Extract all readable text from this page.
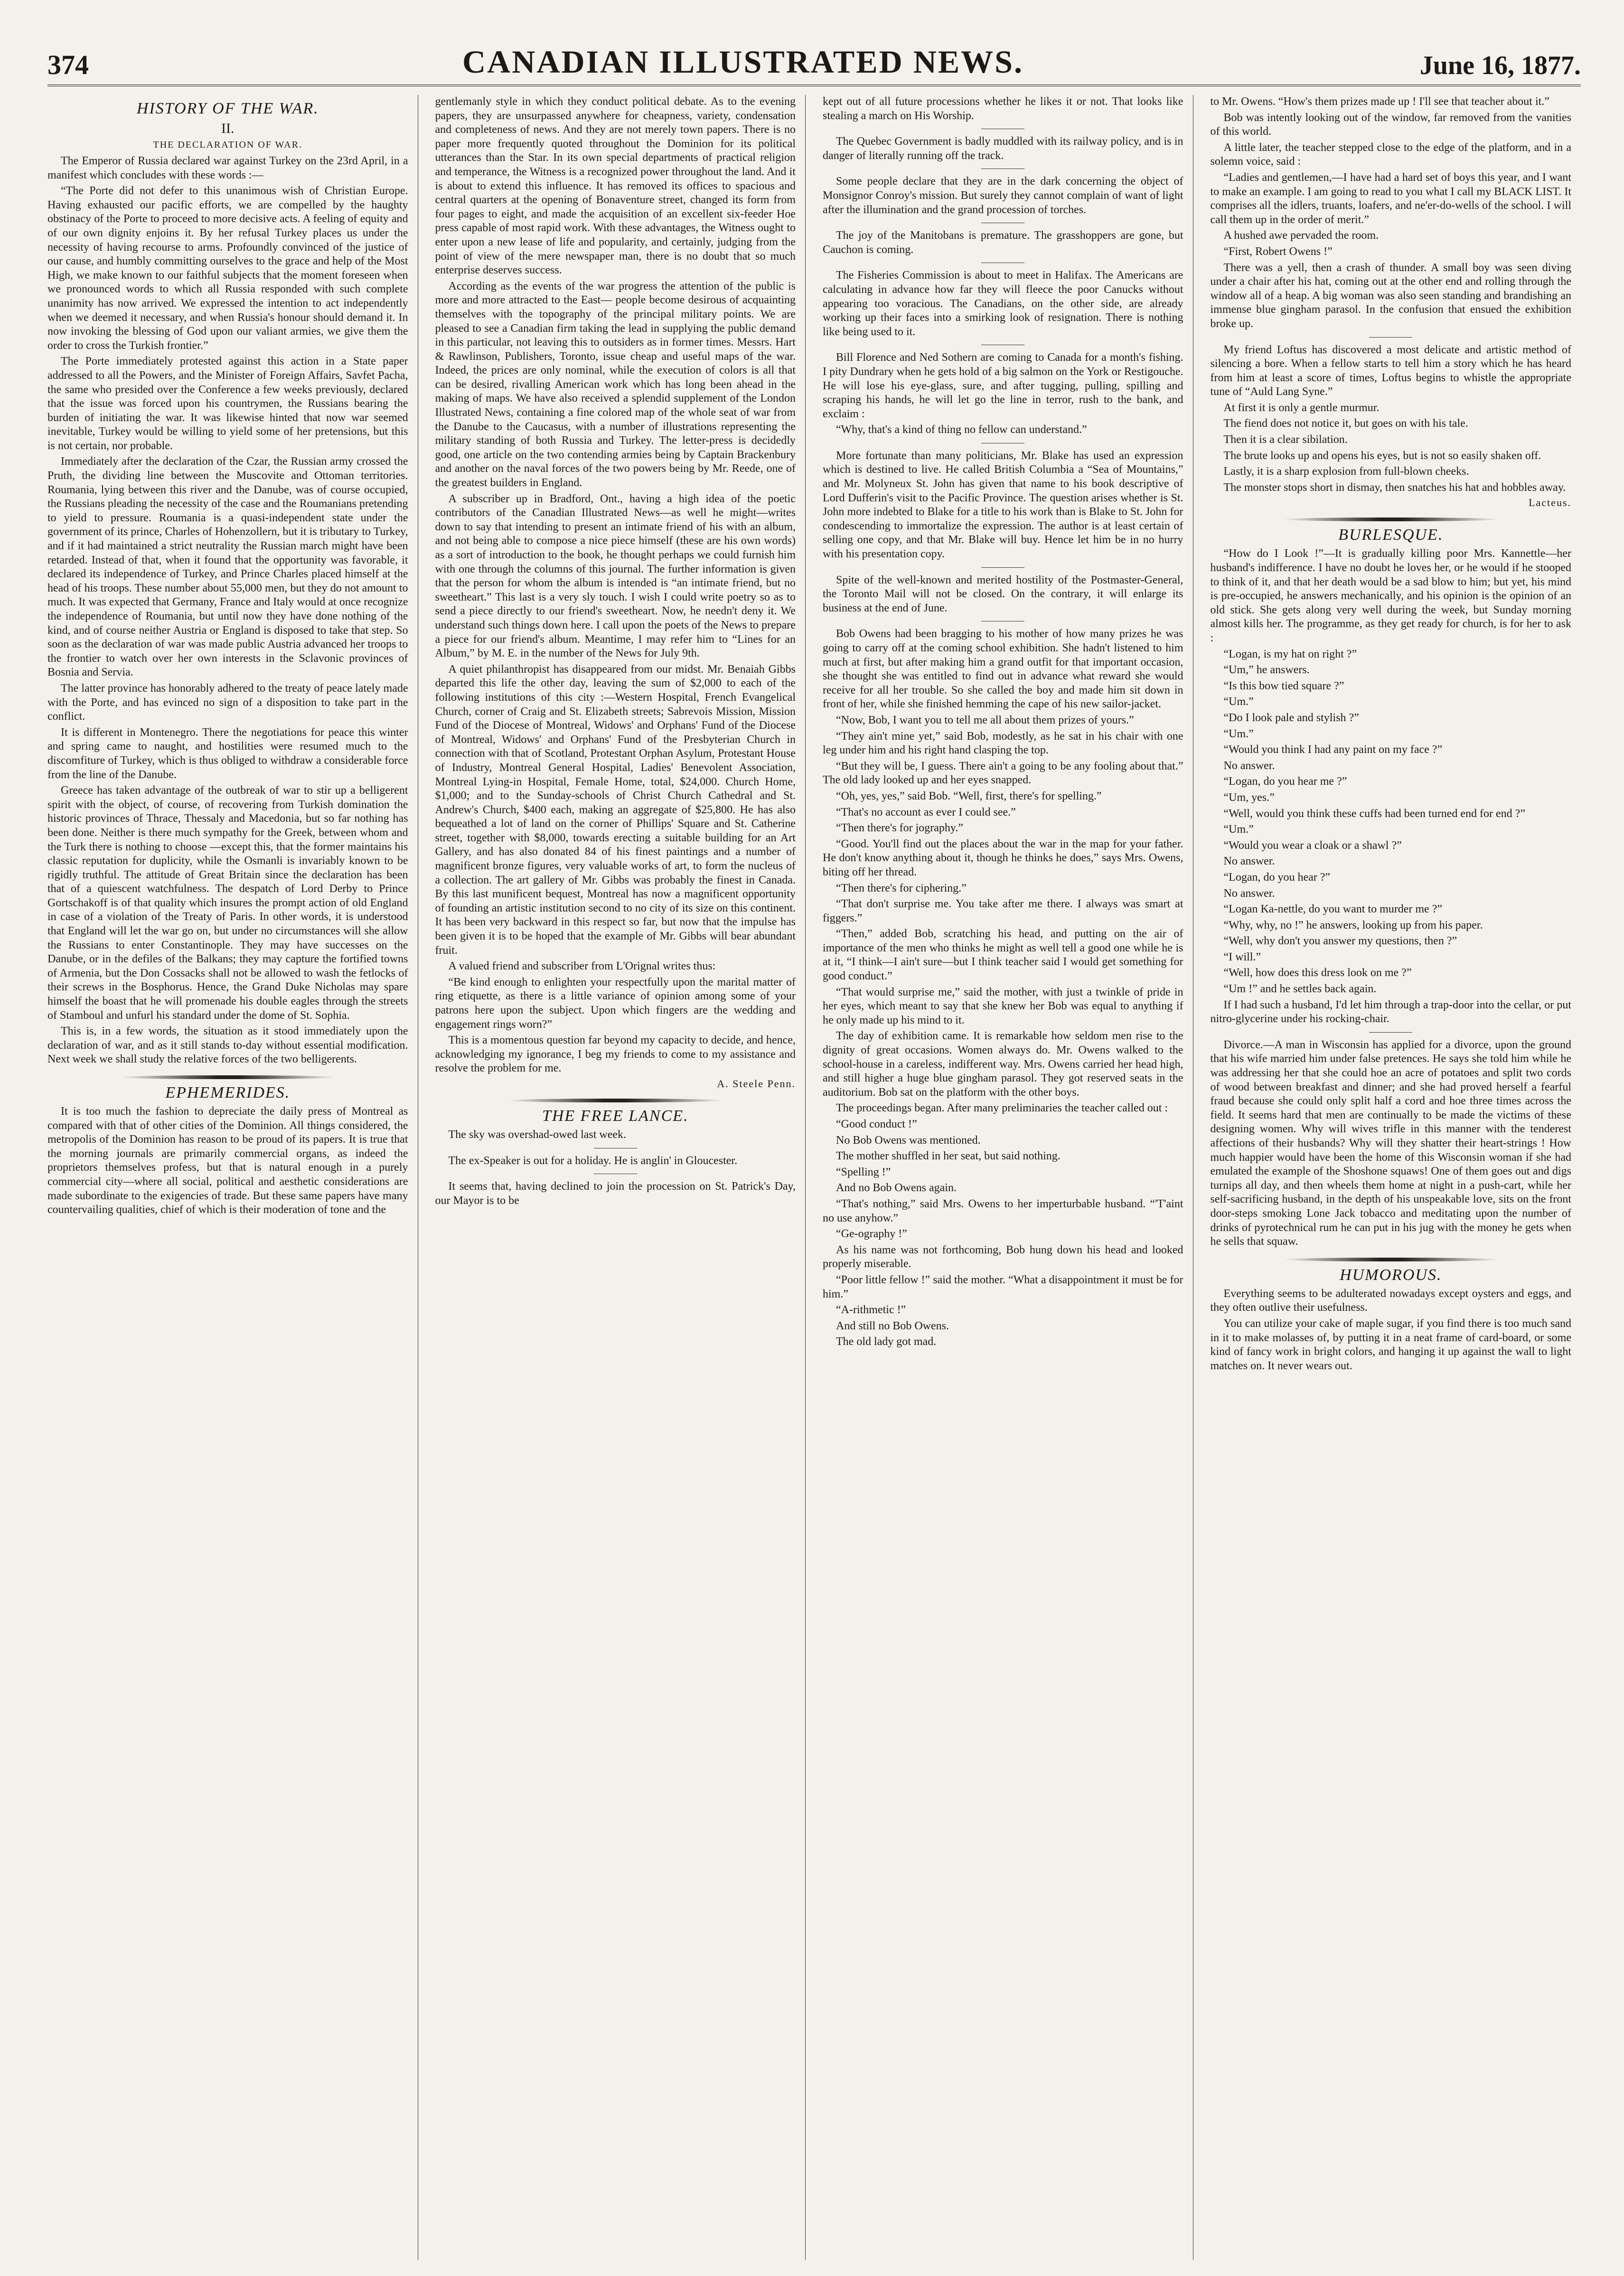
374	CANADIAN ILLUSTRATED NEWS.	June 16, 1877.
HISTORY OF THE WAR.
II.
THE DECLARATION OF WAR.

The Emperor of Russia declared war against Turkey on the 23rd April, in a manifest which concludes with these words :—

“The Porte did not defer to this unanimous wish of Christian Europe. Having exhausted our pacific efforts, we are compelled by the haughty obstinacy of the Porte to proceed to more decisive acts. A feeling of equity and of our own dignity enjoins it. By her refusal Turkey places us under the necessity of having recourse to arms. Profoundly convinced of the justice of our cause, and humbly committing ourselves to the grace and help of the Most High, we make known to our faithful subjects that the moment foreseen when we pronounced words to which all Russia responded with such complete unanimity has now arrived. We expressed the intention to act independently when we deemed it necessary, and when Russia's honour should demand it. In now invoking the blessing of God upon our valiant armies, we give them the order to cross the Turkish frontier.”

The Porte immediately protested against this action in a State paper addressed to all the Powers, and the Minister of Foreign Affairs, Savfet Pacha, the same who presided over the Conference a few weeks previously, declared that the issue was forced upon his countrymen, the Russians bearing the burden of initiating the war. It was likewise hinted that now war seemed inevitable, Turkey would be willing to yield some of her pretensions, but this is not certain, nor probable.

Immediately after the declaration of the Czar, the Russian army crossed the Pruth, the dividing line between the Muscovite and Ottoman territories. Roumania, lying between this river and the Danube, was of course occupied, the Russians pleading the necessity of the case and the Roumanians pretending to yield to pressure. Roumania is a quasi-independent state under the government of its prince, Charles of Hohenzollern, but it is tributary to Turkey, and if it had maintained a strict neutrality the Russian march might have been retarded. Instead of that, when it found that the opportunity was favorable, it declared its independence of Turkey, and Prince Charles placed himself at the head of his troops. These number about 55,000 men, but they do not amount to much. It was expected that Germany, France and Italy would at once recognize the independence of Roumania, but until now they have done nothing of the kind, and of course neither Austria or England is disposed to take that step. So soon as the declaration of war was made public Austria advanced her troops to the frontier to watch over her own interests in the Sclavonic provinces of Bosnia and Servia.

The latter province has honorably adhered to the treaty of peace lately made with the Porte, and has evinced no sign of a disposition to take part in the conflict.

It is different in Montenegro. There the negotiations for peace this winter and spring came to naught, and hostilities were resumed much to the discomfiture of Turkey, which is thus obliged to withdraw a considerable force from the line of the Danube.

Greece has taken advantage of the outbreak of war to stir up a belligerent spirit with the object, of course, of recovering from Turkish domination the historic provinces of Thrace, Thessaly and Macedonia, but so far nothing has been done. Neither is there much sympathy for the Greek, between whom and the Turk there is nothing to choose —except this, that the former maintains his classic reputation for duplicity, while the Osmanli is invariably known to be rigidly truthful. The attitude of Great Britain since the declaration has been that of a quiescent watchfulness. The despatch of Lord Derby to Prince Gortschakoff is of that quality which insures the prompt action of old England in case of a violation of the Treaty of Paris. In other words, it is understood that England will let the war go on, but under no circumstances will she allow the Russians to enter Constantinople. They may have successes on the Danube, or in the defiles of the Balkans; they may capture the fortified towns of Armenia, but the Don Cossacks shall not be allowed to wash the fetlocks of their screws in the Bosphorus. Hence, the Grand Duke Nicholas may spare himself the boast that he will promenade his double eagles through the streets of Stamboul and unfurl his standard under the dome of St. Sophia.

This is, in a few words, the situation as it stood immediately upon the declaration of war, and as it still stands to-day without essential modification. Next week we shall study the relative forces of the two belligerents.

EPHEMERIDES.

It is too much the fashion to depreciate the daily press of Montreal as compared with that of other cities of the Dominion. All things considered, the metropolis of the Dominion has reason to be proud of its papers. It is true that the morning journals are primarily commercial organs, as indeed the proprietors themselves profess, but that is natural enough in a purely commercial city—where all social, political and aesthetic considerations are made subordinate to the exigencies of trade. But these same papers have many countervailing qualities, chief of which is their moderation of tone and the

gentlemanly style in which they conduct political debate. As to the evening papers, they are unsurpassed anywhere for cheapness, variety, condensation and completeness of news. And they are not merely town papers. There is no paper more frequently quoted throughout the Dominion for its political utterances than the Star. In its own special departments of practical religion and temperance, the Witness is a recognized power throughout the land. And it is about to extend this influence. It has removed its offices to spacious and central quarters at the opening of Bonaventure street, changed its form from four pages to eight, and made the acquisition of an excellent six-feeder Hoe press capable of most rapid work. With these advantages, the Witness ought to enter upon a new lease of life and popularity, and certainly, judging from the point of view of the mere newspaper man, there is no doubt that so much enterprise deserves success.

According as the events of the war progress the attention of the public is more and more attracted to the East— people become desirous of acquainting themselves with the topography of the principal military points. We are pleased to see a Canadian firm taking the lead in supplying the public demand in this particular, not leaving this to outsiders as in former times. Messrs. Hart & Rawlinson, Publishers, Toronto, issue cheap and useful maps of the war. Indeed, the prices are only nominal, while the execution of colors is all that can be desired, rivalling American work which has long been ahead in the making of maps. We have also received a splendid supplement of the London Illustrated News, containing a fine colored map of the whole seat of war from the Danube to the Caucasus, with a number of illustrations representing the military standing of both Russia and Turkey. The letter-press is decidedly good, one article on the two contending armies being by Captain Brackenbury and another on the naval forces of the two powers being by Mr. Reede, one of the greatest builders in England.

A subscriber up in Bradford, Ont., having a high idea of the poetic contributors of the Canadian Illustrated News—as well he might—writes down to say that intending to present an intimate friend of his with an album, and not being able to compose a nice piece himself (these are his own words) as a sort of introduction to the book, he thought perhaps we could furnish him with one through the columns of this journal. The further information is given that the person for whom the album is intended is “an intimate friend, but no sweetheart.” This last is a very sly touch. I wish I could write poetry so as to send a piece directly to our friend's sweetheart. Now, he needn't deny it. We understand such things down here. I call upon the poets of the News to prepare a piece for our friend's album. Meantime, I may refer him to “Lines for an Album,” by M. E. in the number of the News for July 9th.

A quiet philanthropist has disappeared from our midst. Mr. Benaiah Gibbs departed this life the other day, leaving the sum of $2,000 to each of the following institutions of this city :—Western Hospital, French Evangelical Church, corner of Craig and St. Elizabeth streets; Sabrevois Mission, Mission Fund of the Diocese of Montreal, Widows' and Orphans' Fund of the Diocese of Montreal, Widows' and Orphans' Fund of the Presbyterian Church in connection with that of Scotland, Protestant Orphan Asylum, Protestant House of Industry, Montreal General Hospital, Ladies' Benevolent Association, Montreal Lying-in Hospital, Female Home, total, $24,000. Church Home, $1,000; and to the Sunday-schools of Christ Church Cathedral and St. Andrew's Church, $400 each, making an aggregate of $25,800. He has also bequeathed a lot of land on the corner of Phillips' Square and St. Catherine street, together with $8,000, towards erecting a suitable building for an Art Gallery, and has also donated 84 of his finest paintings and a number of magnificent bronze figures, very valuable works of art, to form the nucleus of a collection. The art gallery of Mr. Gibbs was probably the finest in Canada. By this last munificent bequest, Montreal has now a magnificent opportunity of founding an artistic institution second to no city of its size on this continent. It has been very backward in this respect so far, but now that the impulse has been given it is to be hoped that the example of Mr. Gibbs will bear abundant fruit.

A valued friend and subscriber from L'Orignal writes thus:

“Be kind enough to enlighten your respectfully upon the marital matter of ring etiquette, as there is a little variance of opinion among some of your patrons here upon the subject. Upon which fingers are the wedding and engagement rings worn?”

This is a momentous question far beyond my capacity to decide, and hence, acknowledging my ignorance, I beg my friends to come to my assistance and resolve the problem for me.

A. Steele Penn.
THE FREE LANCE.

The sky was overshad-owed last week.

The ex-Speaker is out for a holiday. He is anglin' in Gloucester.

It seems that, having declined to join the procession on St. Patrick's Day, our Mayor is to be

kept out of all future processions whether he likes it or not. That looks like stealing a march on His Worship.

The Quebec Government is badly muddled with its railway policy, and is in danger of literally running off the track.

Some people declare that they are in the dark concerning the object of Monsignor Conroy's mission. But surely they cannot complain of want of light after the illumination and the grand procession of torches.

The joy of the Manitobans is premature. The grasshoppers are gone, but Cauchon is coming.

The Fisheries Commission is about to meet in Halifax. The Americans are calculating in advance how far they will fleece the poor Canucks without appearing too voracious. The Canadians, on the other side, are already working up their faces into a smirking look of resignation. There is nothing like being used to it.

Bill Florence and Ned Sothern are coming to Canada for a month's fishing. I pity Dundrary when he gets hold of a big salmon on the York or Restigouche. He will lose his eye-glass, sure, and after tugging, pulling, spilling and scraping his hands, he will let go the line in terror, rush to the bank, and exclaim :

“Why, that's a kind of thing no fellow can understand.”

More fortunate than many politicians, Mr. Blake has used an expression which is destined to live. He called British Columbia a “Sea of Mountains,” and Mr. Molyneux St. John has given that name to his book descriptive of Lord Dufferin's visit to the Pacific Province. The question arises whether is St. John more indebted to Blake for a title to his work than is Blake to St. John for condescending to immortalize the expression. The author is at least certain of selling one copy, and that Mr. Blake will buy. Hence let him be in no hurry with his presentation copy.

Spite of the well-known and merited hostility of the Postmaster-General, the Toronto Mail will not be closed. On the contrary, it will enlarge its business at the end of June.

Bob Owens had been bragging to his mother of how many prizes he was going to carry off at the coming school exhibition. She hadn't listened to him much at first, but after making him a grand outfit for that important occasion, she thought she was entitled to find out in advance what reward she would receive for all her trouble. So she called the boy and made him sit down in front of her, while she finished hemming the cape of his new sailor-jacket.

“Now, Bob, I want you to tell me all about them prizes of yours.”

“They ain't mine yet,” said Bob, modestly, as he sat in his chair with one leg under him and his right hand clasping the top.

“But they will be, I guess. There ain't a going to be any fooling about that.” The old lady looked up and her eyes snapped.

“Oh, yes, yes,” said Bob. “Well, first, there's for spelling.”

“That's no account as ever I could see.”

“Then there's for jography.”

“Good. You'll find out the places about the war in the map for your father. He don't know anything about it, though he thinks he does,” says Mrs. Owens, biting off her thread.

“Then there's for ciphering.”

“That don't surprise me. You take after me there. I always was smart at figgers.”

“Then,” added Bob, scratching his head, and putting on the air of importance of the men who thinks he might as well tell a good one while he is at it, “I think—I ain't sure—but I think teacher said I would get something for good conduct.”

“That would surprise me,” said the mother, with just a twinkle of pride in her eyes, which meant to say that she knew her Bob was equal to anything if he only made up his mind to it.

The day of exhibition came. It is remarkable how seldom men rise to the dignity of great occasions. Women always do. Mr. Owens walked to the school-house in a careless, indifferent way. Mrs. Owens carried her head high, and still higher a huge blue gingham parasol. They got reserved seats in the auditorium. Bob sat on the platform with the other boys.

The proceedings began. After many preliminaries the teacher called out :

“Good conduct !”

No Bob Owens was mentioned.

The mother shuffled in her seat, but said nothing.

“Spelling !”

And no Bob Owens again.

“That's nothing,” said Mrs. Owens to her imperturbable husband. “'T'aint no use anyhow.”

“Ge-ography !”

As his name was not forthcoming, Bob hung down his head and looked properly miserable.

“Poor little fellow !” said the mother. “What a disappointment it must be for him.”

“A-rithmetic !”

And still no Bob Owens.

The old lady got mad.

to Mr. Owens. “How's them prizes made up ! I'll see that teacher about it.”

Bob was intently looking out of the window, far removed from the vanities of this world.

A little later, the teacher stepped close to the edge of the platform, and in a solemn voice, said :

“Ladies and gentlemen,—I have had a hard set of boys this year, and I want to make an example. I am going to read to you what I call my BLACK LIST. It comprises all the idlers, truants, loafers, and ne'er-do-wells of the school. I will call them up in the order of merit.”

A hushed awe pervaded the room.

“First, Robert Owens !”

There was a yell, then a crash of thunder. A small boy was seen diving under a chair after his hat, coming out at the other end and rolling through the window all of a heap. A big woman was also seen standing and brandishing an immense blue gingham parasol. In the confusion that ensued the exhibition broke up.

My friend Loftus has discovered a most delicate and artistic method of silencing a bore. When a fellow starts to tell him a story which he has heard from him at least a score of times, Loftus begins to whistle the appropriate tune of “Auld Lang Syne.”

At first it is only a gentle murmur.

The fiend does not notice it, but goes on with his tale.

Then it is a clear sibilation.

The brute looks up and opens his eyes, but is not so easily shaken off.

Lastly, it is a sharp explosion from full-blown cheeks.

The monster stops short in dismay, then snatches his hat and hobbles away.

Lacteus.
BURLESQUE.

“How do I Look !”—It is gradually killing poor Mrs. Kannettle—her husband's indifference. I have no doubt he loves her, or he would if he stooped to think of it, and that her death would be a sad blow to him; but yet, his mind is pre-occupied, he answers mechanically, and his opinion is the opinion of an old stick. She gets along very well during the week, but Sunday morning almost kills her. The programme, as they get ready for church, is for her to ask :

“Logan, is my hat on right ?”

“Um,” he answers.

“Is this bow tied square ?”

“Um.”

“Do I look pale and stylish ?”

“Um.”

“Would you think I had any paint on my face ?”

No answer.

“Logan, do you hear me ?”

“Um, yes.”

“Well, would you think these cuffs had been turned end for end ?”

“Um.”

“Would you wear a cloak or a shawl ?”

No answer.

“Logan, do you hear ?”

No answer.

“Logan Ka-nettle, do you want to murder me ?”

“Why, why, no !” he answers, looking up from his paper.

“Well, why don't you answer my questions, then ?”

“I will.”

“Well, how does this dress look on me ?”

“Um !” and he settles back again.

If I had such a husband, I'd let him through a trap-door into the cellar, or put nitro-glycerine under his rocking-chair.

Divorce.—A man in Wisconsin has applied for a divorce, upon the ground that his wife married him under false pretences. He says she told him while he was addressing her that she could hoe an acre of potatoes and split two cords of wood between breakfast and dinner; and she had proved herself a fearful fraud because she could only split half a cord and hoe three times across the field. It seems hard that men are continually to be made the victims of these designing women. Why will wives trifle in this manner with the tenderest affections of their husbands? Why will they shatter their heart-strings ! How much happier would have been the home of this Wisconsin woman if she had emulated the example of the Shoshone squaws! One of them goes out and digs turnips all day, and then wheels them home at night in a push-cart, while her self-sacrificing husband, in the depth of his unspeakable love, sits on the front door-steps smoking Lone Jack tobacco and meditating upon the number of drinks of pyrotechnical rum he can put in his jug with the money he gets when he sells that squaw.

HUMOROUS.

Everything seems to be adulterated nowadays except oysters and eggs, and they often outlive their usefulness.

You can utilize your cake of maple sugar, if you find there is too much sand in it to make molasses of, by putting it in a neat frame of card-board, or some kind of fancy work in bright colors, and hanging it up against the wall to light matches on. It never wears out.
